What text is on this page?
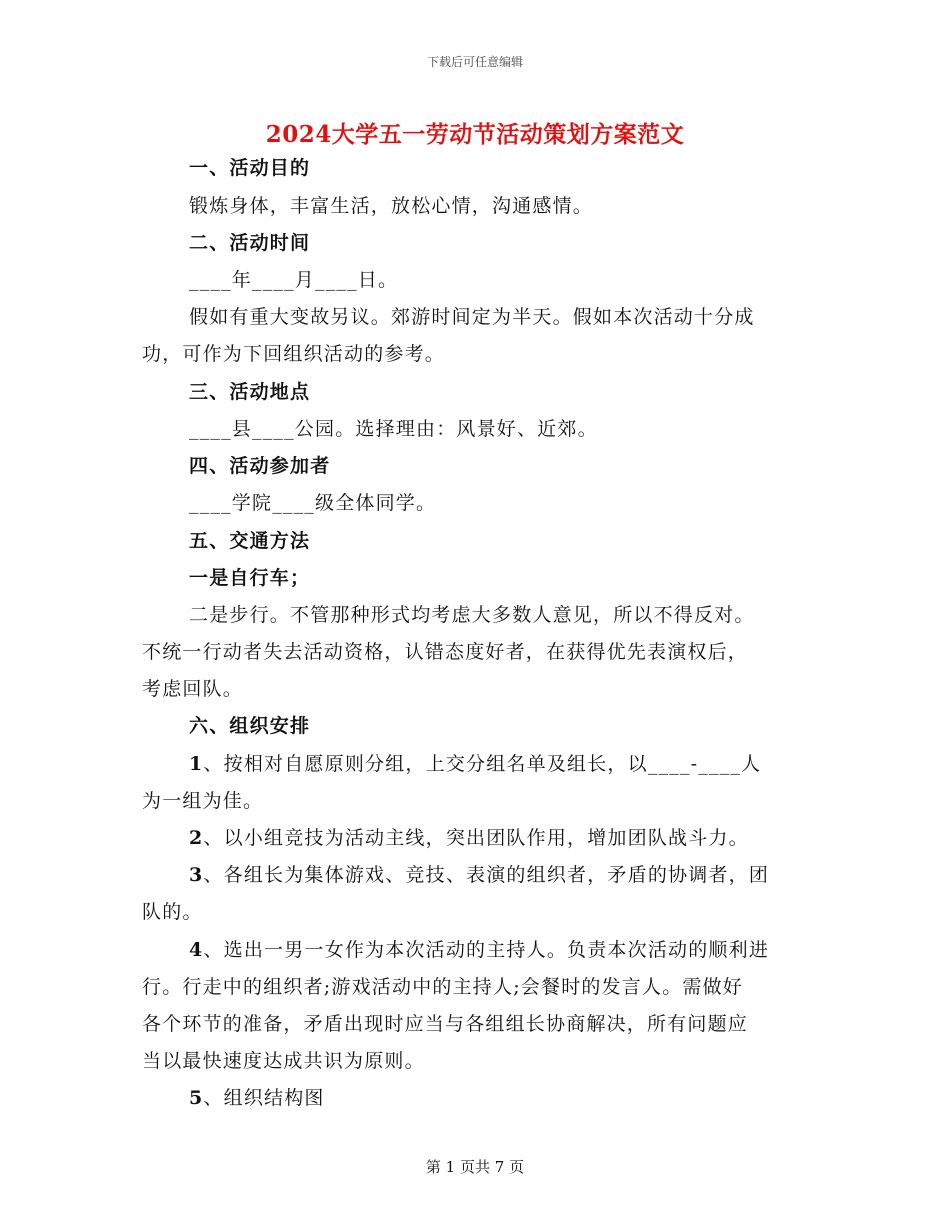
下载后可任意编辑
2024大学五一劳动节活动策划方案范文
一、活动目的
锻炼身体，丰富生活，放松心情，沟通感情。
二、活动时间
____年____月____日。
假如有重大变故另议。郊游时间定为半天。假如本次活动十分成
功，可作为下回组织活动的参考。
三、活动地点
____县____公园。选择理由：风景好、近郊。
四、活动参加者
____学院____级全体同学。
五、交通方法
一是自行车；
二是步行。不管那种形式均考虑大多数人意见，所以不得反对。
不统一行动者失去活动资格，认错态度好者，在获得优先表演权后，
考虑回队。
六、组织安排
1、按相对自愿原则分组，上交分组名单及组长，以____-____人
为一组为佳。
2、以小组竞技为活动主线，突出团队作用，增加团队战斗力。
3、各组长为集体游戏、竞技、表演的组织者，矛盾的协调者，团
队的。
4、选出一男一女作为本次活动的主持人。负责本次活动的顺利进
行。行走中的组织者;游戏活动中的主持人;会餐时的发言人。需做好
各个环节的准备，矛盾出现时应当与各组组长协商解决，所有问题应
当以最快速度达成共识为原则。
5、组织结构图
第 1 页共 7 页
